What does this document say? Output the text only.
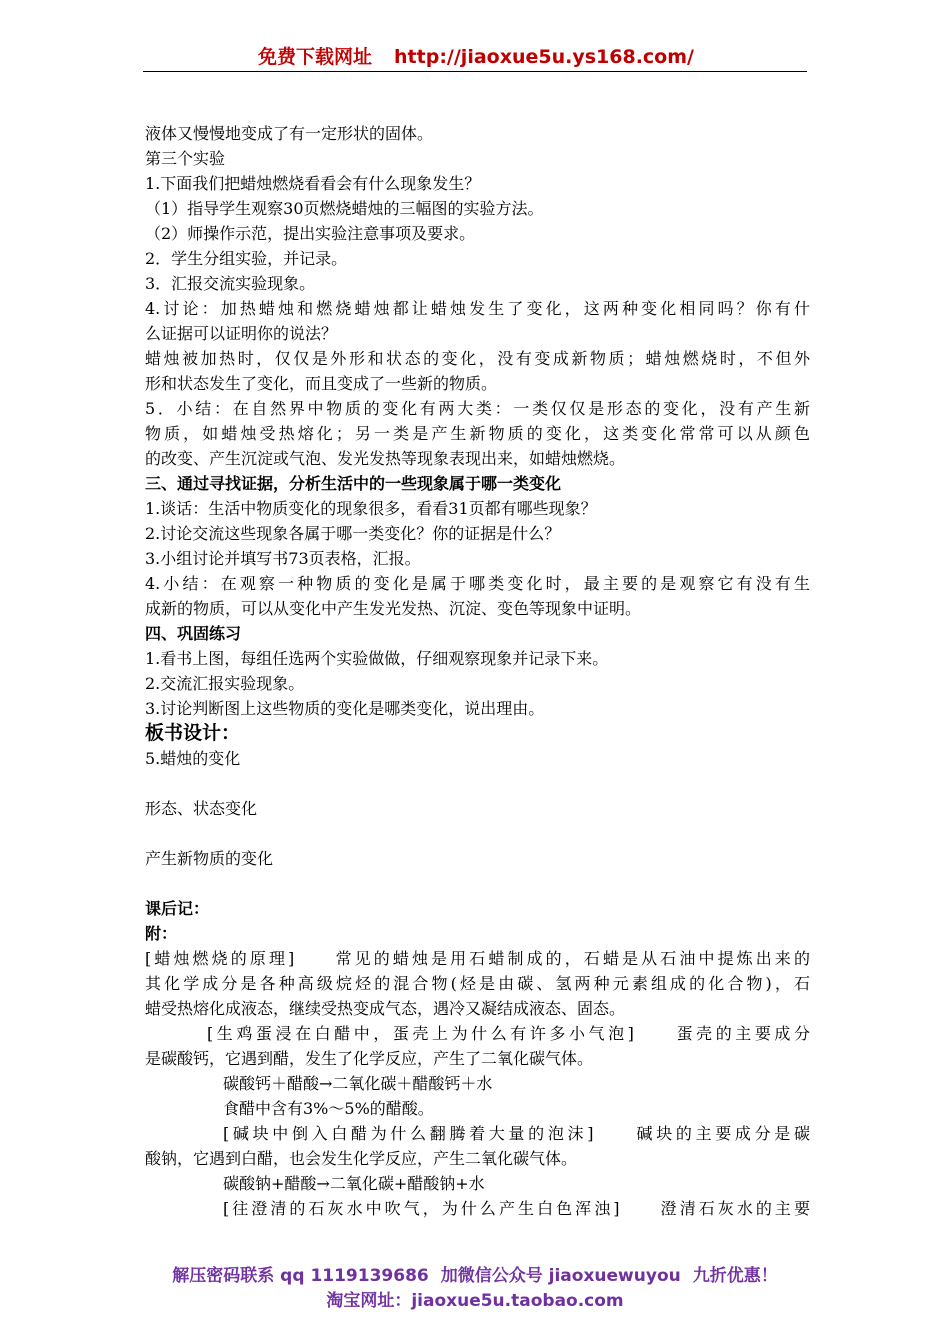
免费下载网址 http://jiaoxue5u.ys168.com/
液体又慢慢地变成了有一定形状的固体。
第三个实验
1.下面我们把蜡烛燃烧看看会有什么现象发生？
（1）指导学生观察30页燃烧蜡烛的三幅图的实验方法。
（2）师操作示范，提出实验注意事项及要求。
2．学生分组实验，并记录。
3．汇报交流实验现象。
4.讨论：加热蜡烛和燃烧蜡烛都让蜡烛发生了变化，这两种变化相同吗？你有什
么证据可以证明你的说法？
蜡烛被加热时，仅仅是外形和状态的变化，没有变成新物质；蜡烛燃烧时，不但外
形和状态发生了变化，而且变成了一些新的物质。
5．小结：在自然界中物质的变化有两大类：一类仅仅是形态的变化，没有产生新
物质，如蜡烛受热熔化；另一类是产生新物质的变化，这类变化常常可以从颜色
的改变、产生沉淀或气泡、发光发热等现象表现出来，如蜡烛燃烧。
三、通过寻找证据，分析生活中的一些现象属于哪一类变化
1.谈话：生活中物质变化的现象很多，看看31页都有哪些现象？
2.讨论交流这些现象各属于哪一类变化？你的证据是什么？
3.小组讨论并填写书73页表格，汇报。
4.小结：在观察一种物质的变化是属于哪类变化时，最主要的是观察它有没有生
成新的物质，可以从变化中产生发光发热、沉淀、变色等现象中证明。
四、巩固练习
1.看书上图，每组任选两个实验做做，仔细观察现象并记录下来。
2.交流汇报实验现象。
3.讨论判断图上这些物质的变化是哪类变化，说出理由。
板书设计：
5.蜡烛的变化
形态、状态变化
产生新物质的变化
课后记：
附：
[蜡烛燃烧的原理]　　常见的蜡烛是用石蜡制成的，石蜡是从石油中提炼出来的
其化学成分是各种高级烷烃的混合物(烃是由碳、氢两种元素组成的化合物)，石
蜡受热熔化成液态，继续受热变成气态，遇冷又凝结成液态、固态。
[生鸡蛋浸在白醋中，蛋壳上为什么有许多小气泡]　　蛋壳的主要成分
是碳酸钙，它遇到醋，发生了化学反应，产生了二氧化碳气体。
碳酸钙＋醋酸→二氧化碳＋醋酸钙＋水
食醋中含有3%～5%的醋酸。
[碱块中倒入白醋为什么翻腾着大量的泡沫]　　碱块的主要成分是碳
酸钠，它遇到白醋，也会发生化学反应，产生二氧化碳气体。
碳酸钠+醋酸→二氧化碳+醋酸钠+水
[往澄清的石灰水中吹气，为什么产生白色浑浊]　　澄清石灰水的主要
解压密码联系 qq 1119139686 加微信公众号 jiaoxuewuyou 九折优惠！
淘宝网址：jiaoxue5u.taobao.com
